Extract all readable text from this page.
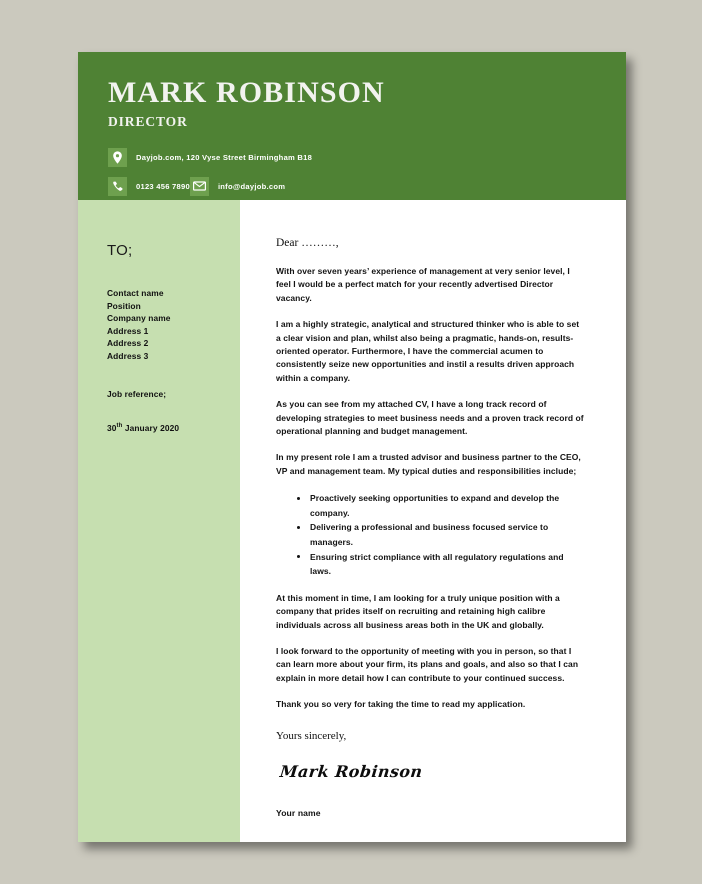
MARK ROBINSON
DIRECTOR
Dayjob.com, 120 Vyse Street Birmingham B18
0123 456 7890	info@dayjob.com
TO;
Contact name
Position
Company name
Address 1
Address 2
Address 3
Job reference;
30th January 2020
Dear ………,

With over seven years’ experience of management at very senior level, I feel I would be a perfect match for your recently advertised Director vacancy.

I am a highly strategic, analytical and structured thinker who is able to set a clear vision and plan, whilst also being a pragmatic, hands-on, results-oriented operator. Furthermore, I have the commercial acumen to consistently seize new opportunities and instil a results driven approach within a company.

As you can see from my attached CV, I have a long track record of developing strategies to meet business needs and a proven track record of operational planning and budget management.

In my present role I am a trusted advisor and business partner to the CEO, VP and management team. My typical duties and responsibilities include;

Proactively seeking opportunities to expand and develop the company.
Delivering a professional and business focused service to managers.
Ensuring strict compliance with all regulatory regulations and laws.

At this moment in time, I am looking for a truly unique position with a company that prides itself on recruiting and retaining high calibre individuals across all business areas both in the UK and globally.

I look forward to the opportunity of meeting with you in person, so that I can learn more about your firm, its plans and goals, and also so that I can explain in more detail how I can contribute to your continued success.

Thank you so very for taking the time to read my application.

Yours sincerely,
Mark Robinson
Your name
